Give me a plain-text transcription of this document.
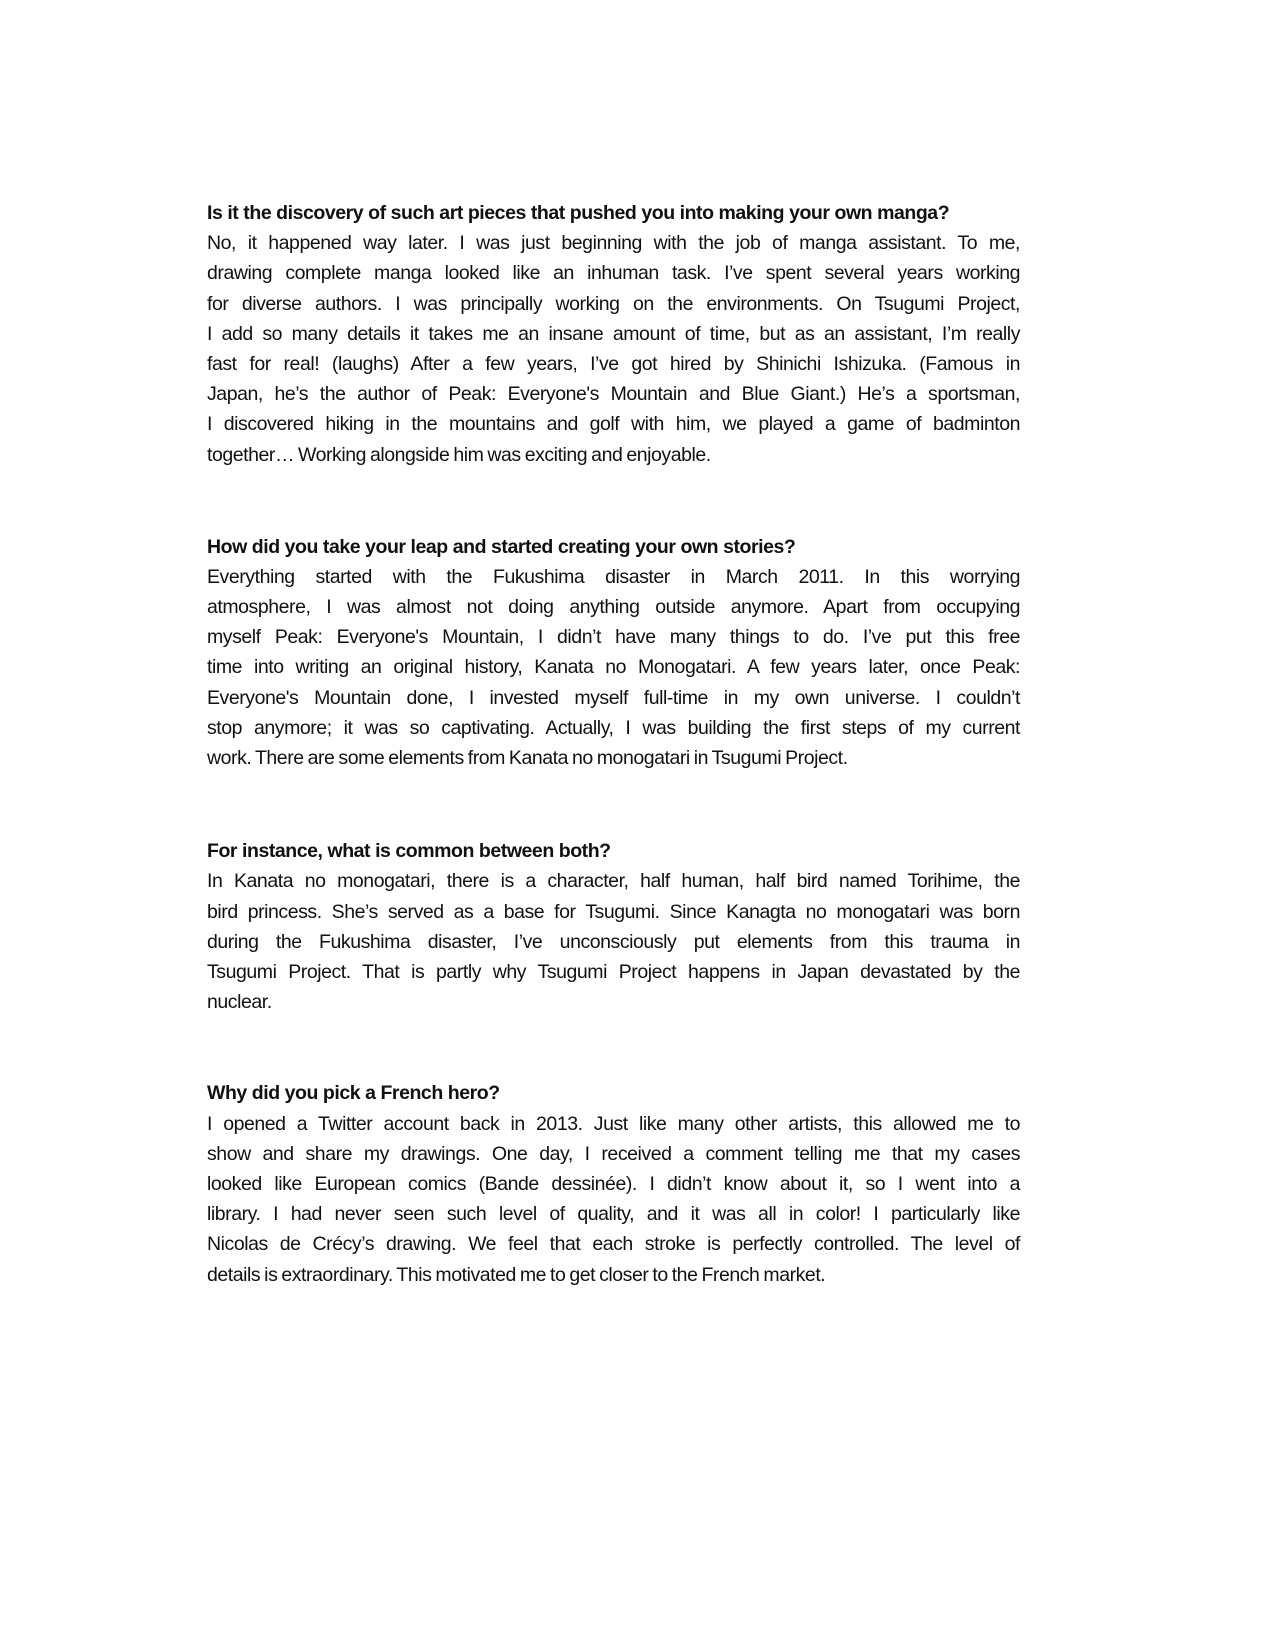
Is it the discovery of such art pieces that pushed you into making your own manga?
No, it happened way later. I was just beginning with the job of manga assistant. To me,
drawing complete manga looked like an inhuman task. I’ve spent several years working
for diverse authors. I was principally working on the environments. On Tsugumi Project,
I add so many details it takes me an insane amount of time, but as an assistant, I’m really
fast for real! (laughs) After a few years, I’ve got hired by Shinichi Ishizuka. (Famous in
Japan, he’s the author of Peak: Everyone's Mountain and Blue Giant.) He’s a sportsman,
I discovered hiking in the mountains and golf with him, we played a game of badminton
together… Working alongside him was exciting and enjoyable.
How did you take your leap and started creating your own stories?
Everything started with the Fukushima disaster in March 2011. In this worrying
atmosphere, I was almost not doing anything outside anymore. Apart from occupying
myself Peak: Everyone's Mountain, I didn’t have many things to do. I’ve put this free
time into writing an original history, Kanata no Monogatari. A few years later, once Peak:
Everyone's Mountain done, I invested myself full-time in my own universe. I couldn’t
stop anymore; it was so captivating. Actually, I was building the first steps of my current
work. There are some elements from Kanata no monogatari in Tsugumi Project.
For instance, what is common between both?
In Kanata no monogatari, there is a character, half human, half bird named Torihime, the
bird princess. She’s served as a base for Tsugumi. Since Kanagta no monogatari was born
during the Fukushima disaster, I’ve unconsciously put elements from this trauma in
Tsugumi Project. That is partly why Tsugumi Project happens in Japan devastated by the
nuclear.
Why did you pick a French hero?
I opened a Twitter account back in 2013. Just like many other artists, this allowed me to
show and share my drawings. One day, I received a comment telling me that my cases
looked like European comics (Bande dessinée). I didn’t know about it, so I went into a
library. I had never seen such level of quality, and it was all in color! I particularly like
Nicolas de Crécy’s drawing. We feel that each stroke is perfectly controlled. The level of
details is extraordinary. This motivated me to get closer to the French market.
